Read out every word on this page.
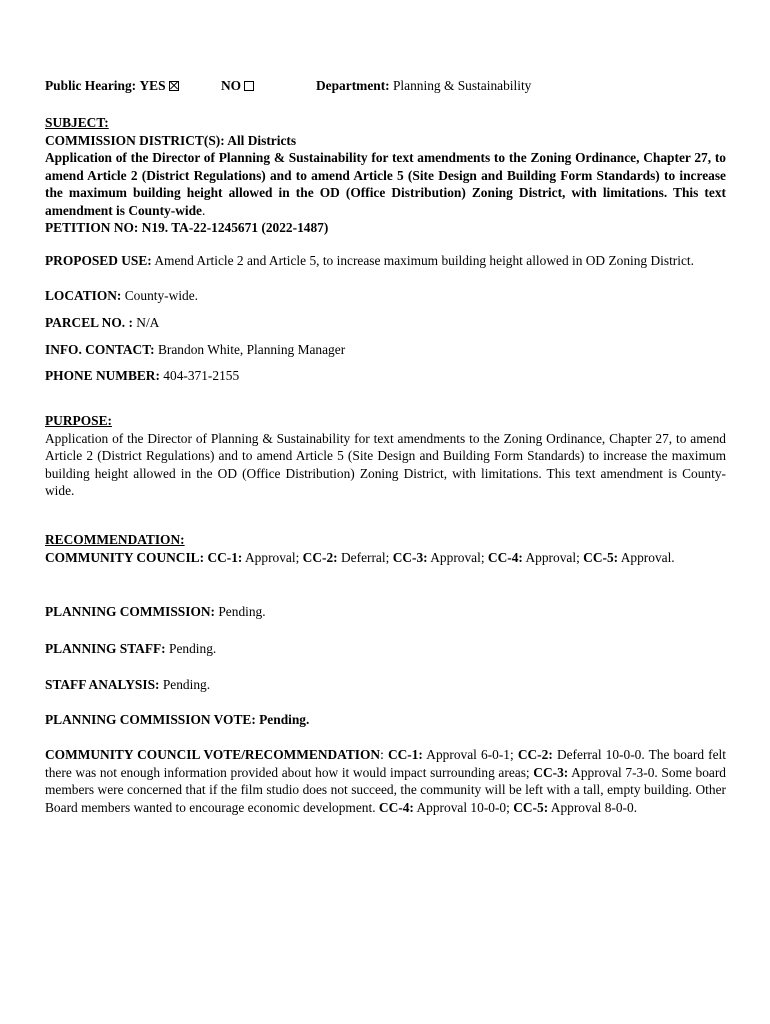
Public Hearing: YES	NO	Department: Planning & Sustainability
SUBJECT:
COMMISSION DISTRICT(S): All Districts
Application of the Director of Planning & Sustainability for text amendments to the Zoning Ordinance, Chapter 27, to amend Article 2 (District Regulations) and to amend Article 5 (Site Design and Building Form Standards) to increase the maximum building height allowed in the OD (Office Distribution) Zoning District, with limitations. This text amendment is County-wide.
PETITION NO: N19. TA-22-1245671 (2022-1487)
PROPOSED USE: Amend Article 2 and Article 5, to increase maximum building height allowed in OD Zoning District.
LOCATION: County-wide.
PARCEL NO. : N/A
INFO. CONTACT: Brandon White, Planning Manager
PHONE NUMBER: 404-371-2155
PURPOSE:
Application of the Director of Planning & Sustainability for text amendments to the Zoning Ordinance, Chapter 27, to amend Article 2 (District Regulations) and to amend Article 5 (Site Design and Building Form Standards) to increase the maximum building height allowed in the OD (Office Distribution) Zoning District, with limitations. This text amendment is County-wide.
RECOMMENDATION:
COMMUNITY COUNCIL: CC-1: Approval; CC-2: Deferral; CC-3: Approval; CC-4: Approval; CC-5: Approval.
PLANNING COMMISSION: Pending.
PLANNING STAFF: Pending.
STAFF ANALYSIS: Pending.
PLANNING COMMISSION VOTE: Pending.
COMMUNITY COUNCIL VOTE/RECOMMENDATION: CC-1: Approval 6-0-1; CC-2: Deferral 10-0-0. The board felt there was not enough information provided about how it would impact surrounding areas; CC-3: Approval 7-3-0. Some board members were concerned that if the film studio does not succeed, the community will be left with a tall, empty building. Other Board members wanted to encourage economic development. CC-4: Approval 10-0-0; CC-5: Approval 8-0-0.
